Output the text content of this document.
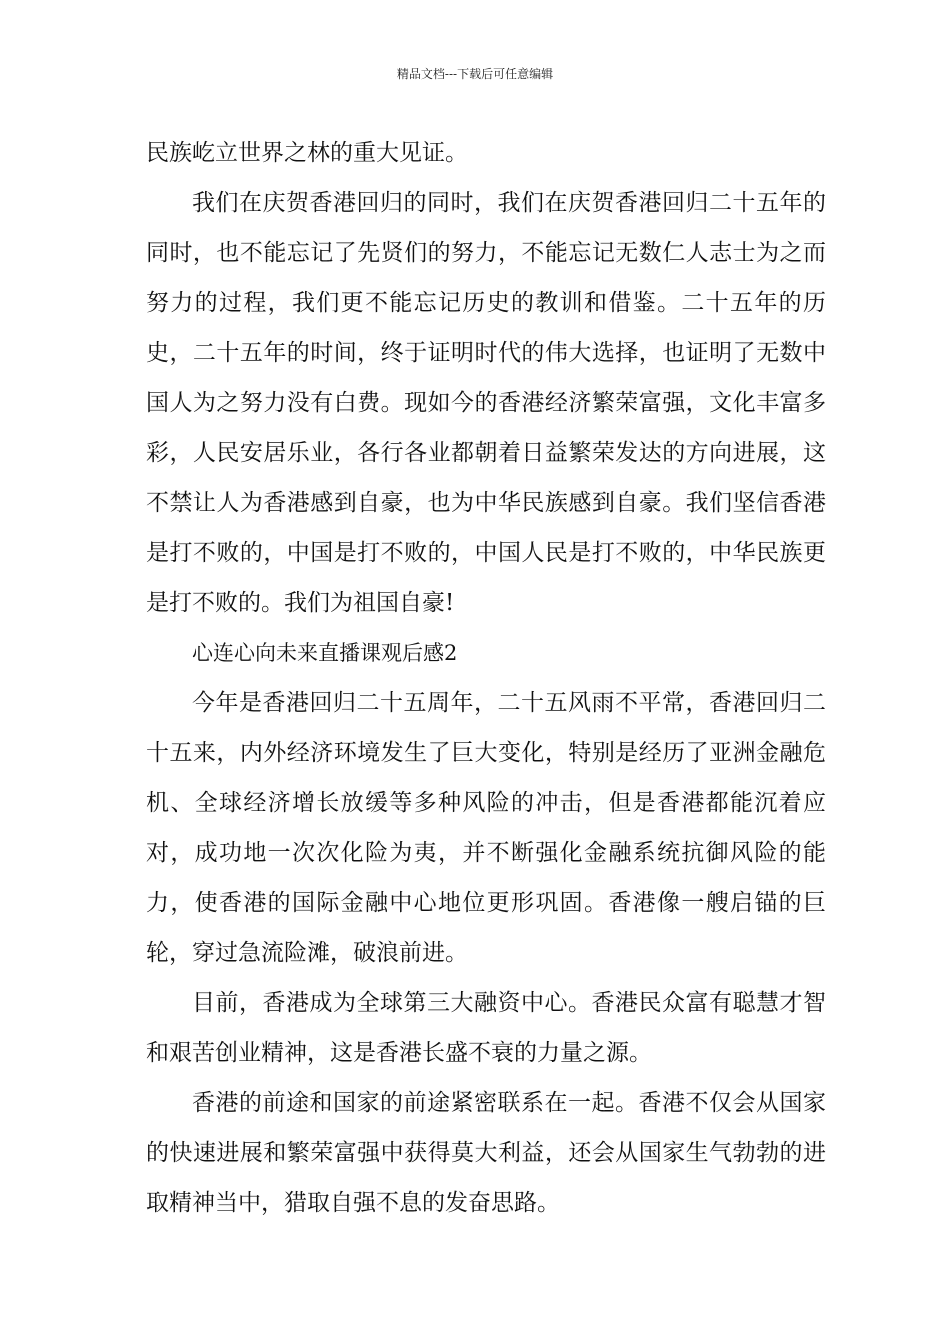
精品文档---下载后可任意编辑

民族屹立世界之林的重大见证。

我们在庆贺香港回归的同时，我们在庆贺香港回归二十五年的同时，也不能忘记了先贤们的努力，不能忘记无数仁人志士为之而努力的过程，我们更不能忘记历史的教训和借鉴。二十五年的历史，二十五年的时间，终于证明时代的伟大选择，也证明了无数中国人为之努力没有白费。现如今的香港经济繁荣富强，文化丰富多彩，人民安居乐业，各行各业都朝着日益繁荣发达的方向进展，这不禁让人为香港感到自豪，也为中华民族感到自豪。我们坚信香港是打不败的，中国是打不败的，中国人民是打不败的，中华民族更是打不败的。我们为祖国自豪!

心连心向未来直播课观后感2

今年是香港回归二十五周年，二十五风雨不平常，香港回归二十五来，内外经济环境发生了巨大变化，特别是经历了亚洲金融危机、全球经济增长放缓等多种风险的冲击，但是香港都能沉着应对，成功地一次次化险为夷，并不断强化金融系统抗御风险的能力，使香港的国际金融中心地位更形巩固。香港像一艘启锚的巨轮，穿过急流险滩，破浪前进。

目前，香港成为全球第三大融资中心。香港民众富有聪慧才智和艰苦创业精神，这是香港长盛不衰的力量之源。

香港的前途和国家的前途紧密联系在一起。香港不仅会从国家的快速进展和繁荣富强中获得莫大利益，还会从国家生气勃勃的进取精神当中，猎取自强不息的发奋思路。
